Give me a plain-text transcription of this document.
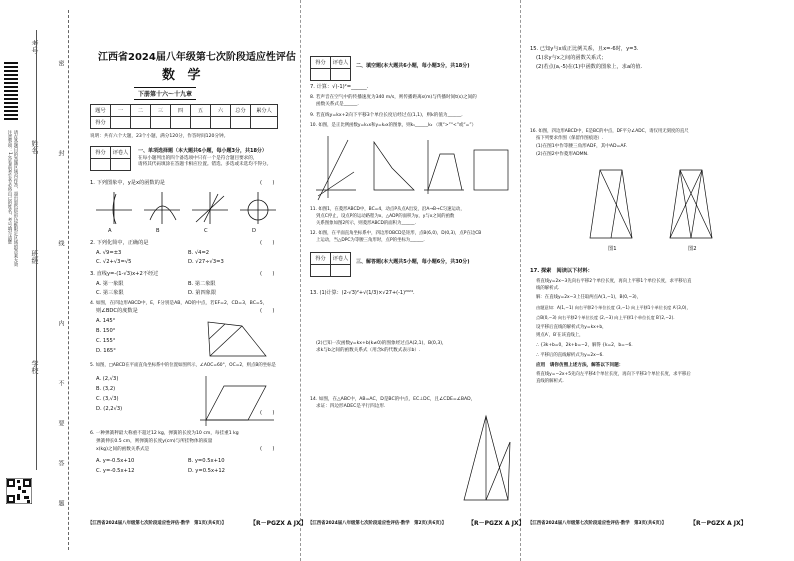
考号
姓名
班级
学校
请在各题目的答题区域内作答，超出黑色矩形边框限定区域的答案无效
注意事项：1.答卷前考生务必将自己的姓名、考号填写清楚
密
封
线
内
不
要
答
题
江西省2024届八年级第七次阶段适应性评估
数 学
下册第十六～十九章
题号	一	二	三	四	五	六	总分	累分人
得分								
说明：共有六个大题，23个小题，满分120分，作答时间120分钟。
得分	评卷人
	一、单项选择题（本大题共6小题，每小题3分，共18分）
在每小题列出的四个备选项中只有一个是符合题目要求的，
请将其代码填涂在答题卡相应位置。错选、多选或未选均不得分。
1. 下列图象中，y是x的函数的是	(　　)
A	B	C	D
2. 下列化简中，正确的是	(　　)
A. √9=±3	B. √4=2
C. √2+√3=√5	D. √27÷√3=3
3. 直线y=-(1-√3)x+2不经过	(　　)
A. 第一象限	B. 第二象限
C. 第三象限	D. 第四象限
4. 如图，在四边形ABCD中，E，F分别是AB，AD的中点，若EF=2，CD=3，BC=5，
则∠BDC的度数是	(　　)
A. 145°
B. 150°
C. 155°
D. 165°
5. 如图，□ABCD在平面直角坐标系中的位置如图所示，∠AOC=60°，OC=2，则点B的坐标是
A. (2,√3)
B. (3,2)
C. (3,√3)
D. (2,2√3)
(　　)
6. 一种弹簧秤最大称重不超过12 kg，弹簧的长度为10 cm，每挂重1 kg
弹簧伸长0.5 cm，则弹簧的长度y(cm)与所挂物体的质量
x(kg)之间的函数关系式是	(　　)
A. y=-0.5x+10	B. y=0.5x+10
C. y=-0.5x+12	D. y=0.5x+12
【江西省2024届八年级第七次阶段适应性评估·数学　第1页(共6页)】	【R－PGZX A JX】
得分	评卷人
	二、填空题(本大题共6小题，每小题3分，共18分)
7. 计算：√(-1)²=______.
8. 若声音在空气中的传播速度为340 m/s，则传播距离s(m)与传播时间t(s)之间的
函数关系式是______.
9. 若直线y=kx+2向下平移3个单位长度后经过点(1,1)，则k的值为______.
10. 如图，是正比例函数y=k₁x和y=k₂x的图象，则k₁______k₂ （填“>”“<”或“=”）
11. 如图1，在菱形ABCD中，BC=4，动点P从点A出发，沿A→B→C匀速运动，
到点C停止，设点P的运动路程为x，△ADP的面积为y，y与x之间的函数
关系图象如图2所示，则菱形ABCD的面积为______.
12. 如图，在平面直角坐标系中，四边形OBCD是矩形，点B(6,0)，D(0,3)，点P在边CB
上运动，当△DPC为等腰三角形时，点P的坐标为______.
得分	评卷人
	三、解答题(本大题共5小题，每小题6分，共30分)
13. (1)计算：(2-√3)²+√(1/3)×√27+(-1)²⁰²⁴.
(2)已知一次函数y=kx+b(k≠0)的图象经过点A(2,1)，B(0,3)，
求k与b之间的函数关系式（用含k的代数式表示b）.
14. 如图，在△ABC中，AB=AC，D是BC的中点，EC⊥DC，且∠CDE=∠BAD，
求证：四边形ADEC是平行四边形.
【江西省2024届八年级第七次阶段适应性评估·数学　第2页(共6页)】	【R－PGZX A JX】
15. 已知y与x成正比例关系，且x=-6时，y=3.
(1)求y与x之间的函数关系式；
(2)若点(a,-5)在(1)中函数的图象上，求a的值.
16. 如图，四边形ABCD中，E是BC的中点，DF平分∠ADC，请仅用无刻度的直尺
按下列要求作图（保留作图痕迹）.
(1)在图1中作等腰三角形ADF，其中AD=AF.
(2)在图2中作菱形ADMN.
图1	图2
17. 探索　阅读以下材料：
将直线y=2x−3先向右平移2个单位长度，再向上平移1个单位长度，求平移后直
线的解析式.
解：在直线y=2x−3上任取两点A(1,−1)，B(0,−3)，
由题意知：A(1,−1) 向右平移2个单位长度 (3,−1) 向上平移1个单位长度 A′(3,0)，
点B(0,−3) 向右平移2个单位长度 (2,−3) 向上平移1个单位长度 B′(2,−2).
设平移后直线的解析式为y=kx+b，
则点A′，B′在该直线上，
∴ {3k+b=0，2k+b=−2，解得 {k=2，b=−6.
∴ 平移后的直线解析式为y=2x−6.
应用　请你仿照上述方法，解答以下问题：
将直线y=−2x+5先向左平移4个单位长度，再向下平移3个单位长度，求平移后
直线的解析式.
【江西省2024届八年级第七次阶段适应性评估·数学　第3页(共6页)】	【R－PGZX A JX】
